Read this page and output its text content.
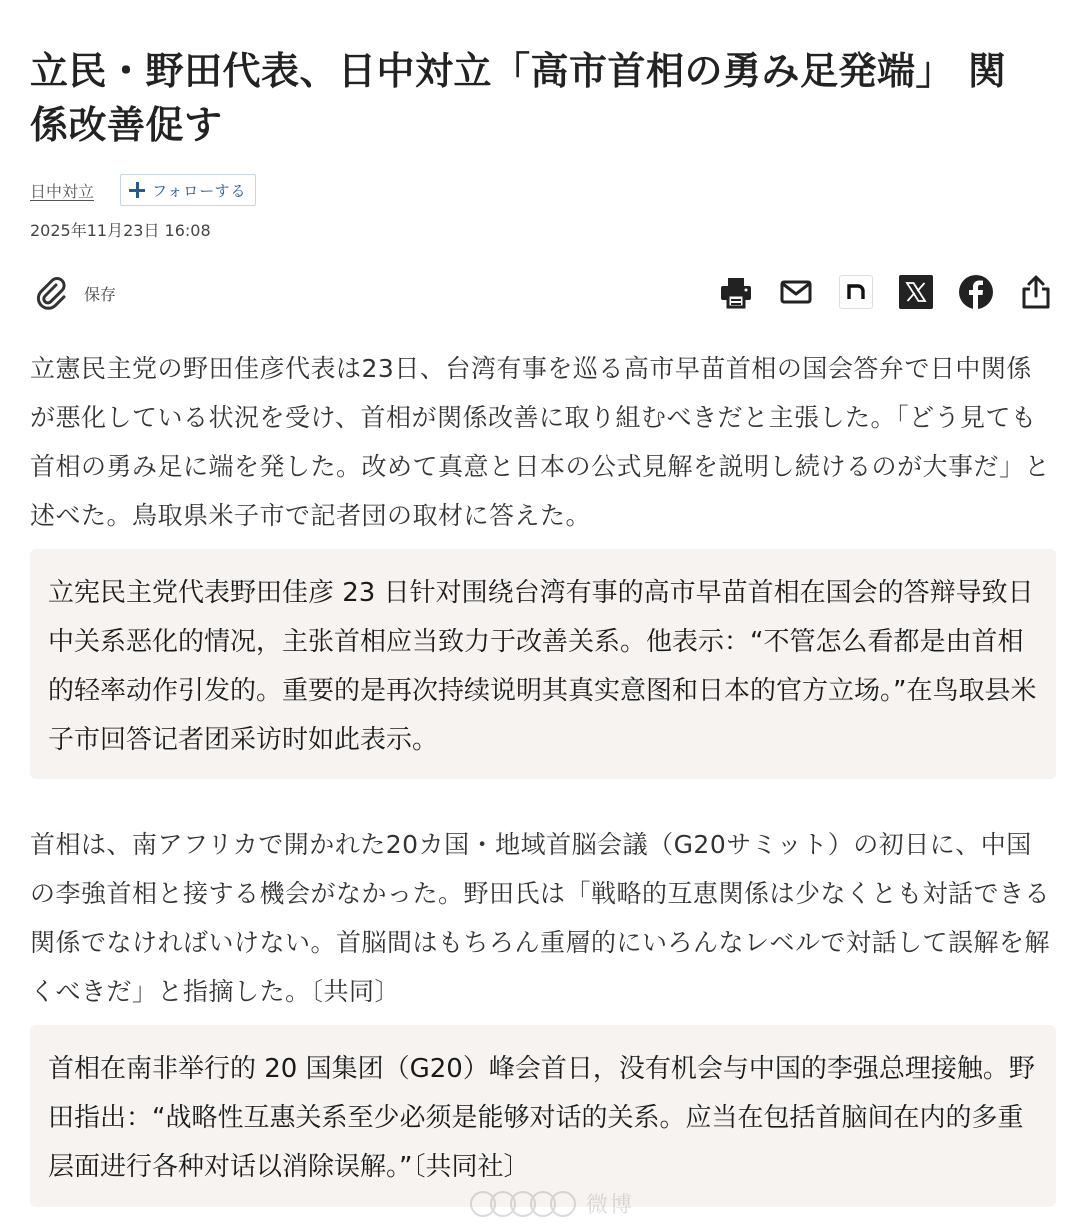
立民・野田代表、日中対立「高市首相の勇み足発端」 関係改善促す
日中対立	フォローする
2025年11月23日 16:08
保存

立憲民主党の野田佳彦代表は23日、台湾有事を巡る高市早苗首相の国会答弁で日中関係が悪化している状況を受け、首相が関係改善に取り組むべきだと主張した。「どう見ても首相の勇み足に端を発した。改めて真意と日本の公式見解を説明し続けるのが大事だ」と述べた。鳥取県米子市で記者団の取材に答えた。

立宪民主党代表野田佳彦 23 日针对围绕台湾有事的高市早苗首相在国会的答辩导致日中关系恶化的情况，主张首相应当致力于改善关系。他表示：“不管怎么看都是由首相的轻率动作引发的。重要的是再次持续说明其真实意图和日本的官方立场。”在鸟取县米子市回答记者团采访时如此表示。

首相は、南アフリカで開かれた20カ国・地域首脳会議（G20サミット）の初日に、中国の李強首相と接する機会がなかった。野田氏は「戦略的互恵関係は少なくとも対話できる関係でなければいけない。首脳間はもちろん重層的にいろんなレベルで対話して誤解を解くべきだ」と指摘した。〔共同〕

首相在南非举行的 20 国集团（G20）峰会首日，没有机会与中国的李强总理接触。野田指出：“战略性互惠关系至少必须是能够对话的关系。应当在包括首脑间在内的多重层面进行各种对话以消除误解。”〔共同社〕

微博
